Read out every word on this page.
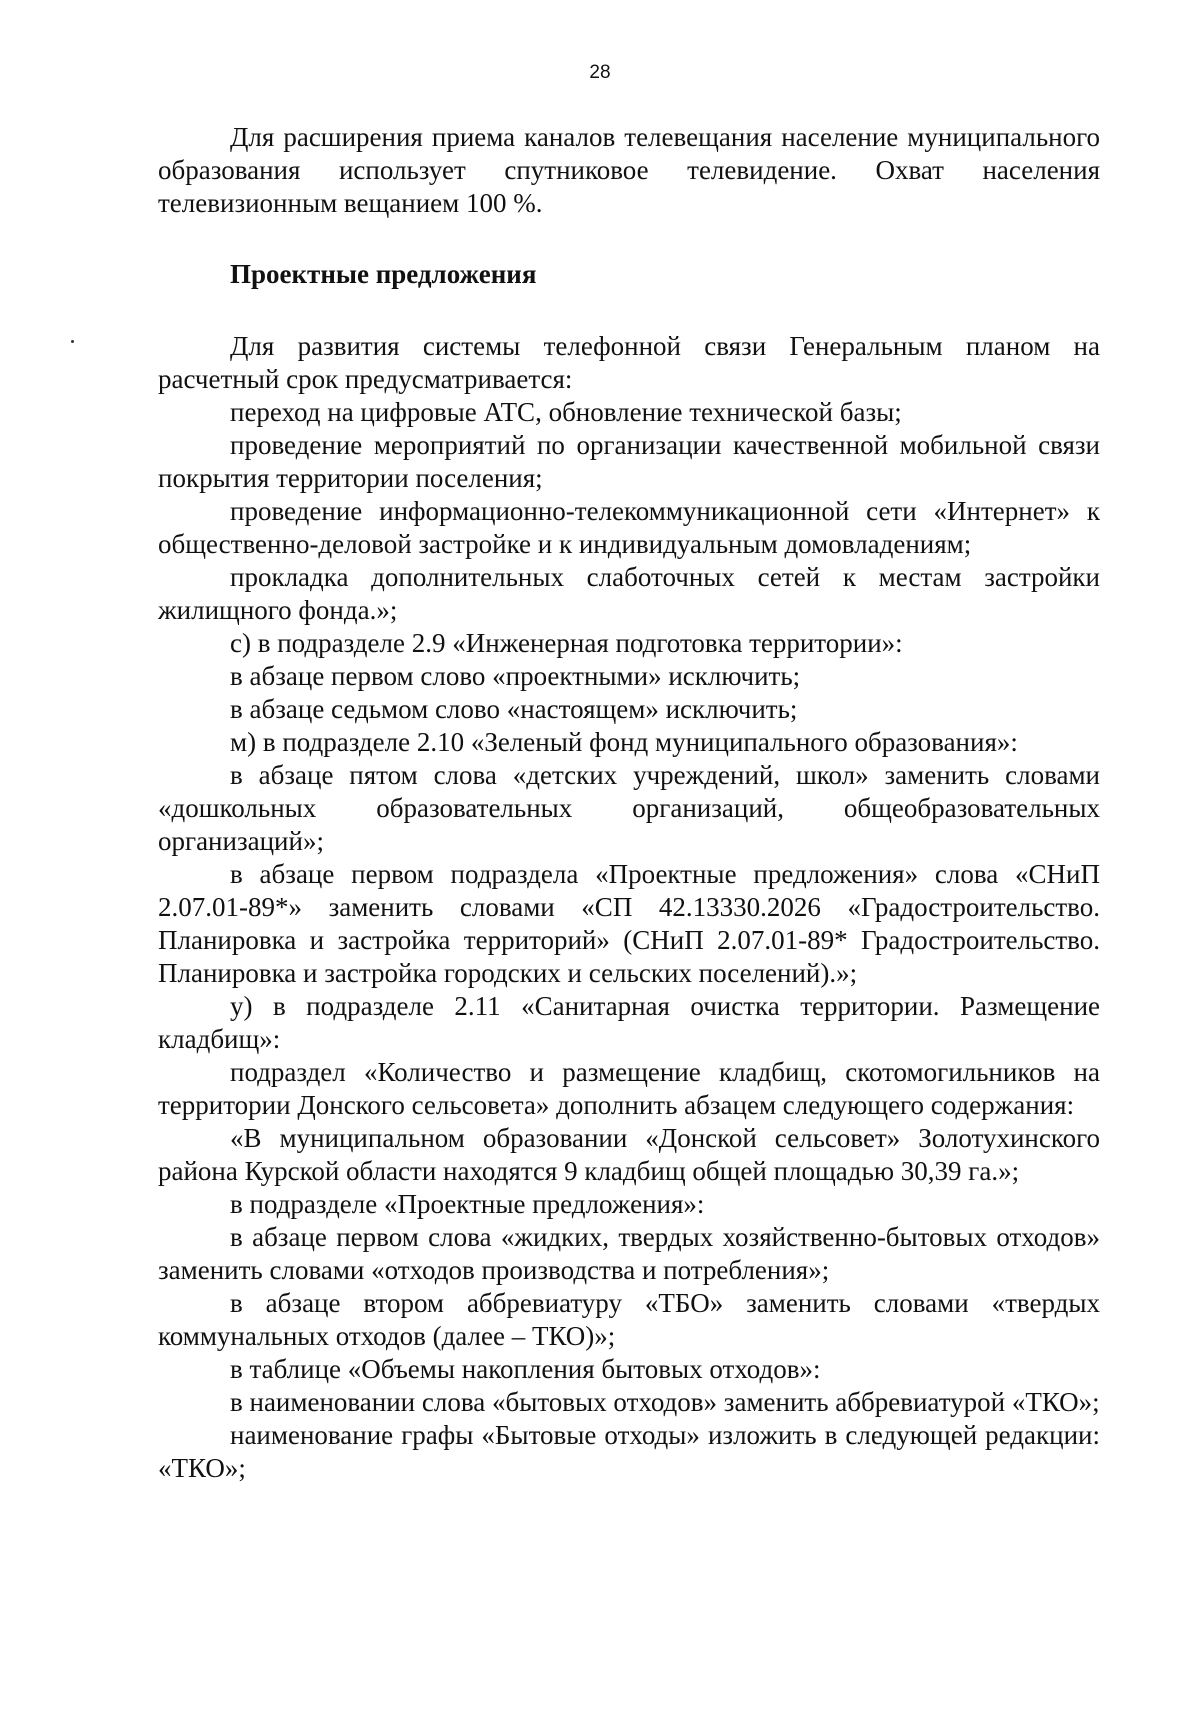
28

Для расширения приема каналов телевещания население муниципального образования использует спутниковое телевидение. Охват населения телевизионным вещанием 100 %.

Проектные предложения

Для развития системы телефонной связи Генеральным планом на расчетный срок предусматривается:

переход на цифровые АТС, обновление технической базы;

проведение мероприятий по организации качественной мобильной связи покрытия территории поселения;

проведение информационно-телекоммуникационной сети «Интернет» к общественно-деловой застройке и к индивидуальным домовладениям;

прокладка дополнительных слаботочных сетей к местам застройки жилищного фонда.»;

с) в подразделе 2.9 «Инженерная подготовка территории»:

в абзаце первом слово «проектными» исключить;

в абзаце седьмом слово «настоящем» исключить;

м) в подразделе 2.10 «Зеленый фонд муниципального образования»:

в абзаце пятом слова «детских учреждений, школ» заменить словами «дошкольных образовательных организаций, общеобразовательных организаций»;

в абзаце первом подраздела «Проектные предложения» слова «СНиП 2.07.01-89*» заменить словами «СП 42.13330.2026 «Градостроительство. Планировка и застройка территорий» (СНиП 2.07.01-89* Градостроительство. Планировка и застройка городских и сельских поселений).»;

у) в подразделе 2.11 «Санитарная очистка территории. Размещение кладбищ»:

подраздел «Количество и размещение кладбищ, скотомогильников на территории Донского сельсовета» дополнить абзацем следующего содержания:

«В муниципальном образовании «Донской сельсовет» Золотухинского района Курской области находятся 9 кладбищ общей площадью 30,39 га.»;

в подразделе «Проектные предложения»:

в абзаце первом слова «жидких, твердых хозяйственно-бытовых отходов» заменить словами «отходов производства и потребления»;

в абзаце втором аббревиатуру «ТБО» заменить словами «твердых коммунальных отходов (далее – ТКО)»;

в таблице «Объемы накопления бытовых отходов»:

в наименовании слова «бытовых отходов» заменить аббревиатурой «ТКО»;

наименование графы «Бытовые отходы» изложить в следующей редакции: «ТКО»;
